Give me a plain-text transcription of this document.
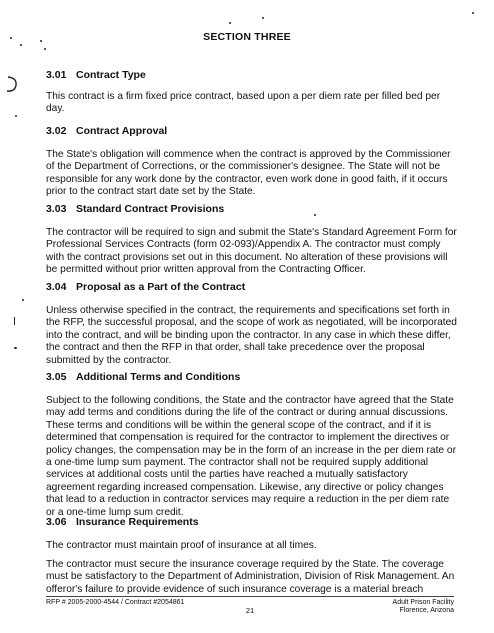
SECTION THREE
3.01 Contract Type
This contract is a firm fixed price contract, based upon a per diem rate per filled bed per day.
3.02 Contract Approval
The State's obligation will commence when the contract is approved by the Commissioner of the Department of Corrections, or the commissioner's designee. The State will not be responsible for any work done by the contractor, even work done in good faith, if it occurs prior to the contract start date set by the State.
3.03 Standard Contract Provisions
The contractor will be required to sign and submit the State's Standard Agreement Form for Professional Services Contracts (form 02-093)/Appendix A. The contractor must comply with the contract provisions set out in this document. No alteration of these provisions will be permitted without prior written approval from the Contracting Officer.
3.04 Proposal as a Part of the Contract
Unless otherwise specified in the contract, the requirements and specifications set forth in the RFP, the successful proposal, and the scope of work as negotiated, will be incorporated into the contract, and will be binding upon the contractor. In any case in which these differ, the contract and then the RFP in that order, shall take precedence over the proposal submitted by the contractor.
3.05 Additional Terms and Conditions
Subject to the following conditions, the State and the contractor have agreed that the State may add terms and conditions during the life of the contract or during annual discussions. These terms and conditions will be within the general scope of the contract, and if it is determined that compensation is required for the contractor to implement the directives or policy changes, the compensation may be in the form of an increase in the per diem rate or a one-time lump sum payment. The contractor shall not be required supply additional services at additional costs until the parties have reached a mutually satisfactory agreement regarding increased compensation. Likewise, any directive or policy changes that lead to a reduction in contractor services may require a reduction in the per diem rate or a one-time lump sum credit.
3.06 Insurance Requirements
The contractor must maintain proof of insurance at all times.
The contractor must secure the insurance coverage required by the State. The coverage must be satisfactory to the Department of Administration, Division of Risk Management. An offeror's failure to provide evidence of such insurance coverage is a material breach
RFP # 2005-2000-4544 / Contract #2054861
21
Adult Prison Facility
Florence, Arizona
